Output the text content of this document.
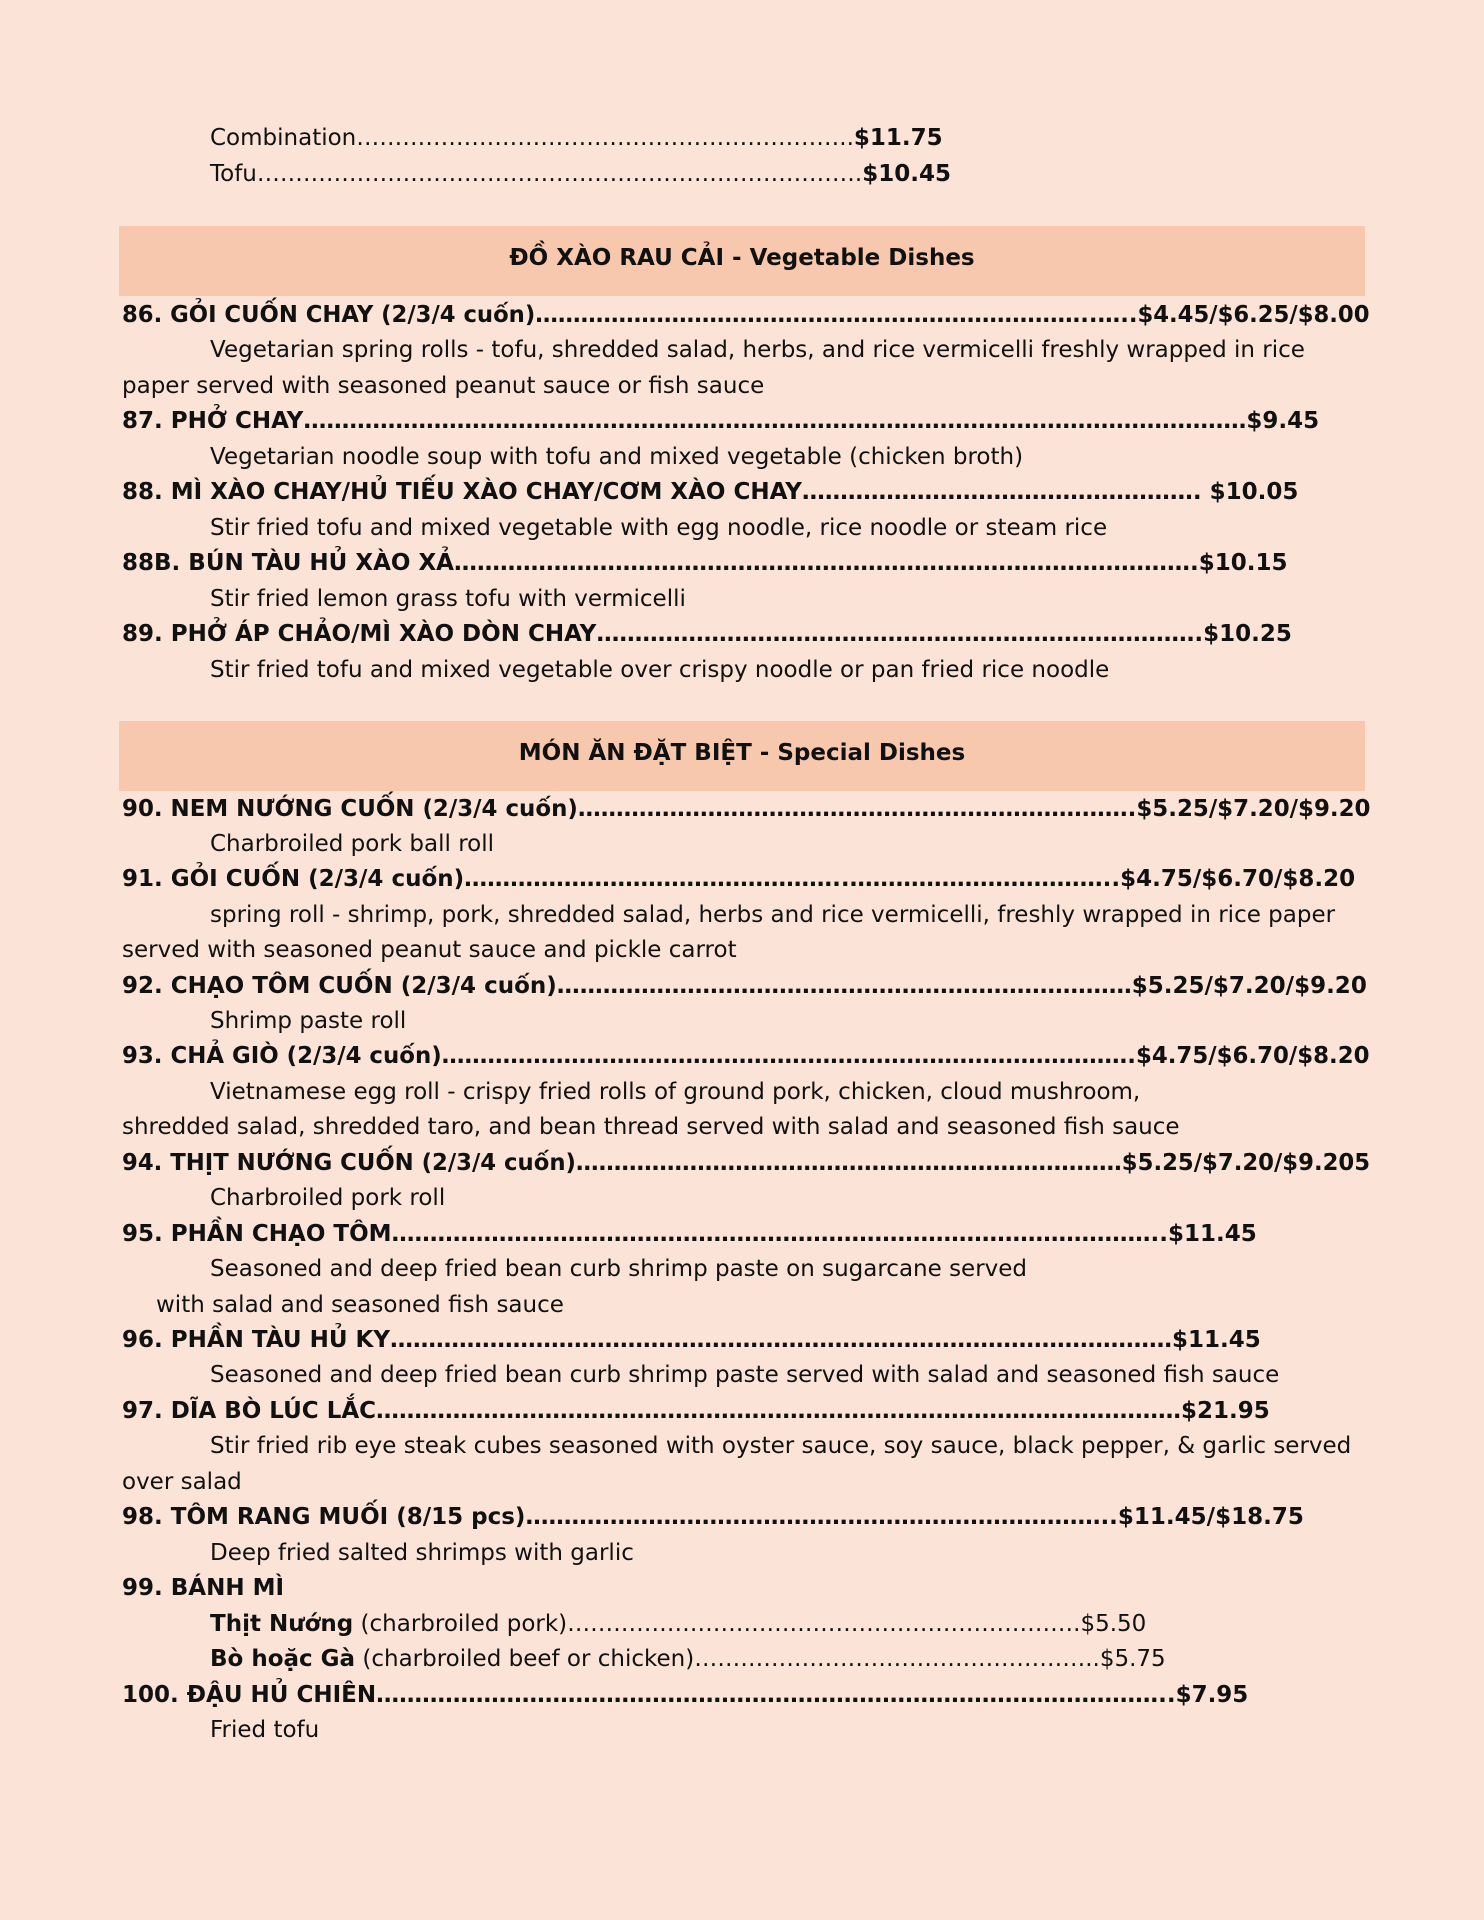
Combination………………………………………………………..$11.75
Tofu…………………………………………………………………….$10.45
ĐỒ XÀO RAU CẢI - Vegetable Dishes
86. GỎI CUỐN CHAY (2/3/4 cuốn)………………………………………………………………..…..$4.45/$6.25/$8.00
Vegetarian spring rolls - tofu, shredded salad, herbs, and rice vermicelli freshly wrapped in rice
paper served with seasoned peanut sauce or fish sauce
87. PHỞ CHAY……………………………………………………………………………………………………………$9.45
Vegetarian noodle soup with tofu and mixed vegetable (chicken broth)
88. MÌ XÀO CHAY/HỦ TIẾU XÀO CHAY/CƠM XÀO CHAY……………………………………………. $10.05
Stir fried tofu and mixed vegetable with egg noodle, rice noodle or steam rice
88B. BÚN TÀU HỦ XÀO XẢ…………………………………………………………………………………….$10.15
Stir fried lemon grass tofu with vermicelli
89. PHỞ ÁP CHẢO/MÌ XÀO DÒN CHAY…………………………………………………………………….$10.25
Stir fried tofu and mixed vegetable over crispy noodle or pan fried rice noodle
MÓN ĂN ĐẶT BIỆT - Special Dishes
90. NEM NƯỚNG CUỐN (2/3/4 cuốn)……………………………………………………………….$5.25/$7.20/$9.20
Charbroiled pork ball roll
91. GỎI CUỐN (2/3/4 cuốn)…………………………………………..……………………………..$4.75/$6.70/$8.20
spring roll - shrimp, pork, shredded salad, herbs and rice vermicelli, freshly wrapped in rice paper
served with seasoned peanut sauce and pickle carrot
92. CHẠO TÔM CUỐN (2/3/4 cuốn)…………………………………………………………………$5.25/$7.20/$9.20
Shrimp paste roll
93. CHẢ GIÒ (2/3/4 cuốn)……………………………………………………………………………….$4.75/$6.70/$8.20
Vietnamese egg roll - crispy fried rolls of ground pork, chicken, cloud mushroom,
shredded salad, shredded taro, and bean thread served with salad and seasoned fish sauce
94. THỊT NƯỚNG CUỐN (2/3/4 cuốn)………………………………………………………………$5.25/$7.20/$9.205
Charbroiled pork roll
95. PHẦN CHẠO TÔM………………………………………………………………………………………..$11.45
Seasoned and deep fried bean curb shrimp paste on sugarcane served
with salad and seasoned fish sauce
96. PHẦN TÀU HỦ KY…………………………………………………………………………………………$11.45
Seasoned and deep fried bean curb shrimp paste served with salad and seasoned fish sauce
97. DĨA BÒ LÚC LẮC……………………………………………………………………………………………$21.95
Stir fried rib eye steak cubes seasoned with oyster sauce, soy sauce, black pepper, & garlic served
over salad
98. TÔM RANG MUỐI (8/15 pcs)…………………………………………………………………..$11.45/$18.75
Deep fried salted shrimps with garlic
99. BÁNH MÌ
Thịt Nướng (charbroiled pork)………………………………………………………….$5.50
Bò hoặc Gà (charbroiled beef or chicken)……………………………………………..$5.75
100. ĐẬU HỦ CHIÊN…………………………………………………………………………………………..$7.95
Fried tofu
